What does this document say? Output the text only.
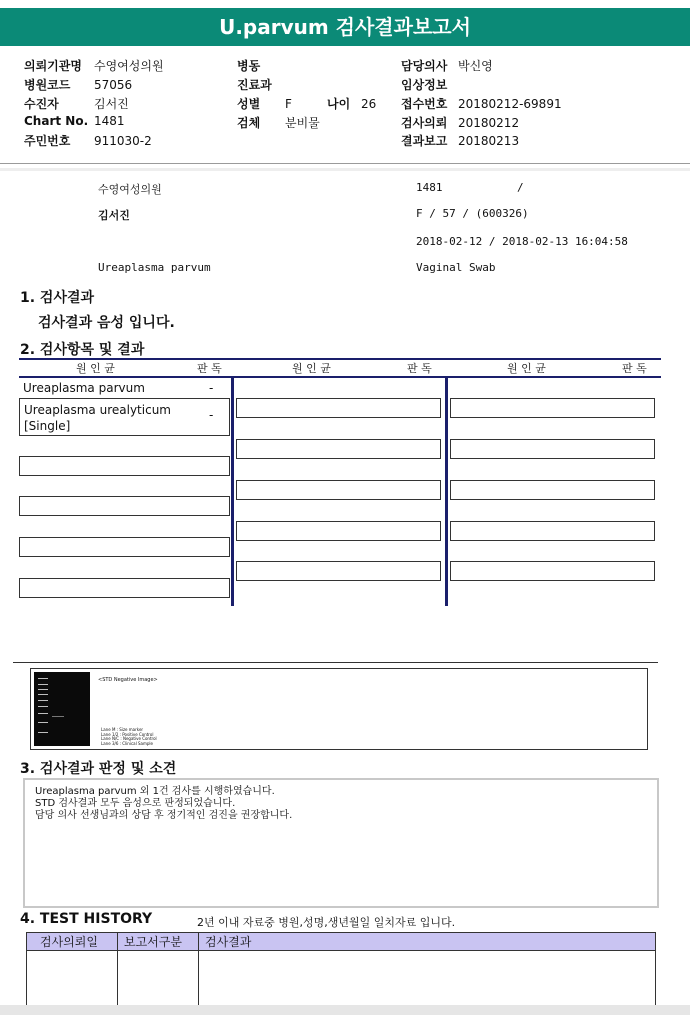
U.parvum 검사결과보고서
의뢰기관명 수영여성의원
병원코드 57056
수진자	김서진
Chart No. 1481
주민번호 911030-2
병동
진료과
성별 F	나이 26
검체 분비물
담당의사 박신영
임상정보
접수번호 20180212-69891
검사의뢰 20180212
결과보고 20180213
수영여성의원	1481	/
김서진	F / 57 / (600326)
2018-02-12 / 2018-02-13 16:04:58
Ureaplasma parvum	Vaginal Swab
1. 검사결과
검사결과 음성 입니다.
2. 검사항목 및 결과
원 인 균	판 독	원 인 균	판 독	원 인 균	판 독
Ureaplasma parvum	-
Ureaplasma urealyticum
[Single]
-
<STD Negative Image>
Lane M : Size marker
Lane 1/2 : Positive Control
Lane N/C : Negative Control
Lane 3/6 : Clinical Sample
3. 검사결과 판정 및 소견
Ureaplasma parvum 외 1건 검사를 시행하였습니다.
STD 검사결과 모두 음성으로 판정되었습니다.
담당 의사 선생님과의 상담 후 정기적인 검진을 권장합니다.
4. TEST HISTORY	2년 이내 자료중 병원,성명,생년월일 일치자료 입니다.
검사의뢰일 보고서구분 검사결과
